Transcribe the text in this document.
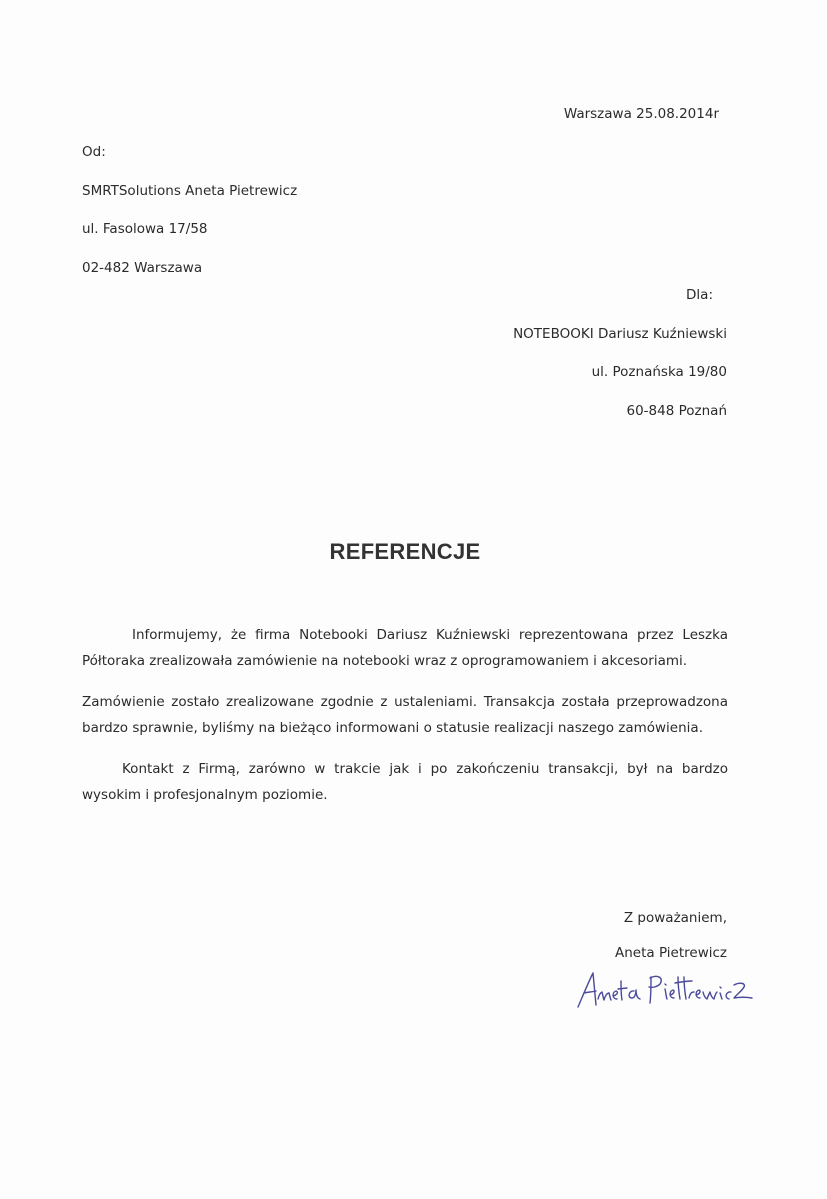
Warszawa 25.08.2014r
Od:
SMRTSolutions Aneta Pietrewicz
ul. Fasolowa 17/58
02-482 Warszawa
Dla:
NOTEBOOKI Dariusz Kuźniewski
ul. Poznańska 19/80
60-848 Poznań
REFERENCJE

Informujemy, że firma Notebooki Dariusz Kuźniewski reprezentowana przez Leszka Półtoraka zrealizowała zamówienie na notebooki wraz z oprogramowaniem i akcesoriami.

Zamówienie zostało zrealizowane zgodnie z ustaleniami. Transakcja została przeprowadzona bardzo sprawnie, byliśmy na bieżąco informowani o statusie realizacji naszego zamówienia.

Kontakt z Firmą, zarówno w trakcie jak i po zakończeniu transakcji, był na bardzo wysokim i profesjonalnym poziomie.

Z poważaniem,
Aneta Pietrewicz
